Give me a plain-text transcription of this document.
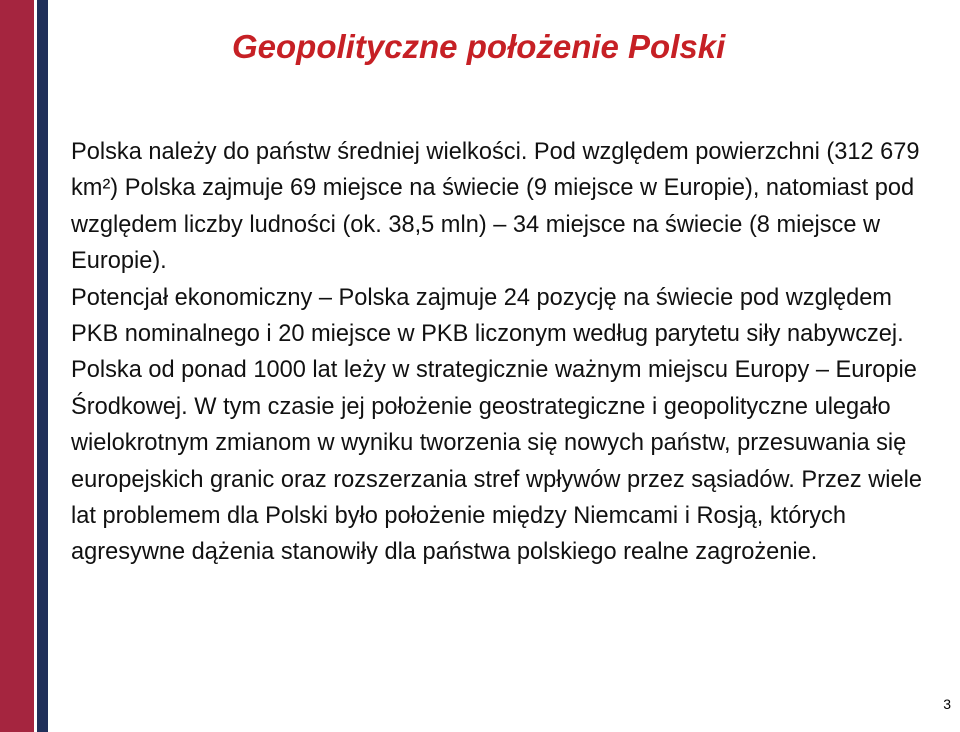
Geopolityczne położenie Polski

Polska należy do państw średniej wielkości. Pod względem powierzchni (312 679 km²) Polska zajmuje 69 miejsce na świecie (9 miejsce w Europie), natomiast pod względem liczby ludności (ok. 38,5 mln) – 34 miejsce na świecie (8 miejsce w Europie).

Potencjał ekonomiczny – Polska zajmuje 24 pozycję na świecie pod względem PKB nominalnego i 20 miejsce w PKB liczonym według parytetu siły nabywczej.

Polska od ponad 1000 lat leży w strategicznie ważnym miejscu Europy – Europie Środkowej. W tym czasie jej położenie geostrategiczne i geopolityczne ulegało wielokrotnym zmianom w wyniku tworzenia się nowych państw, przesuwania się europejskich granic oraz rozszerzania stref wpływów przez sąsiadów. Przez wiele lat problemem dla Polski było położenie między Niemcami i Rosją, których agresywne dążenia stanowiły dla państwa polskiego realne zagrożenie.

3
